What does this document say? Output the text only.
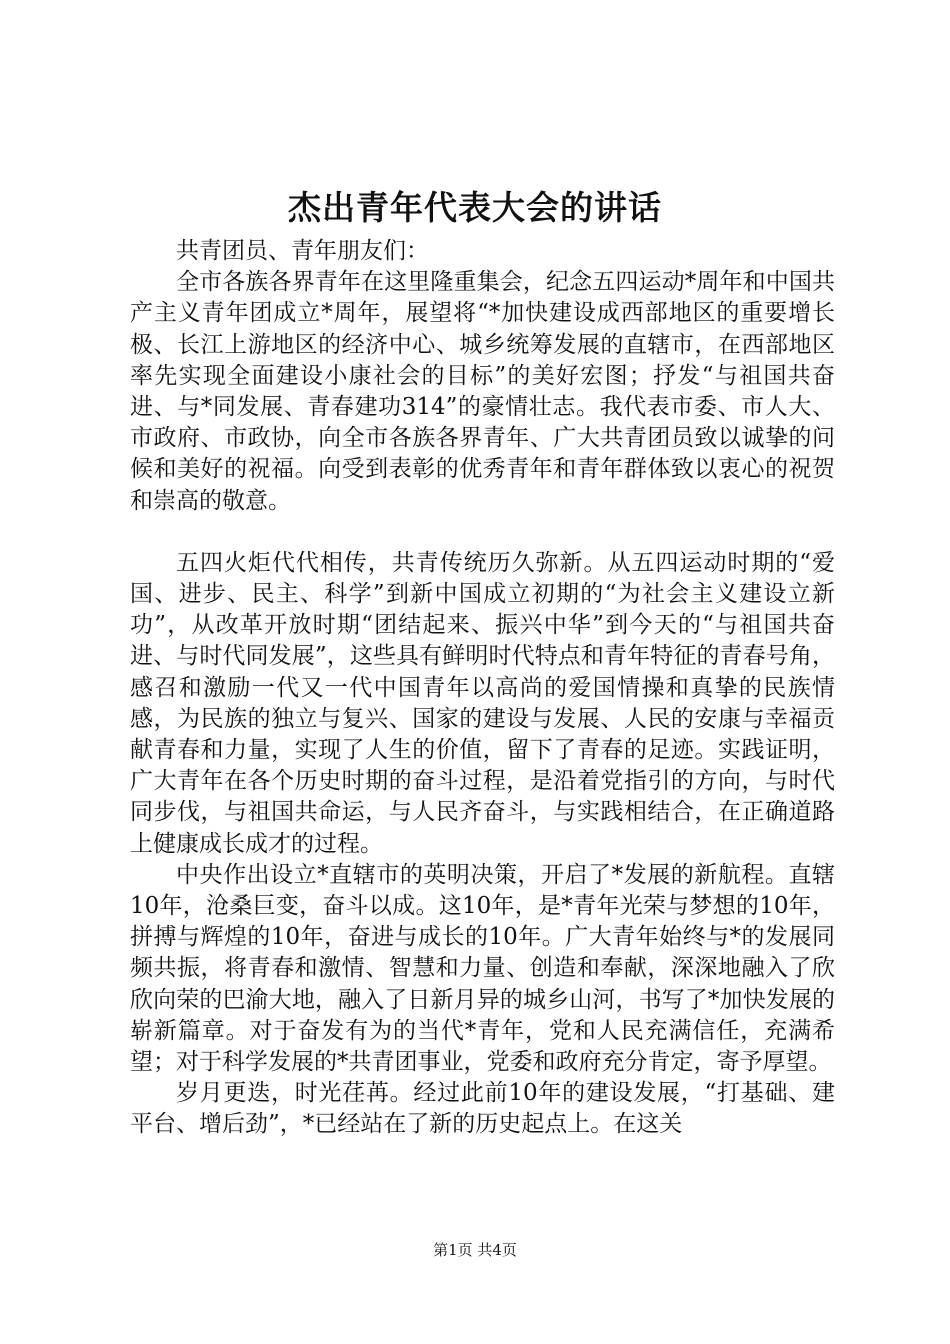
杰出青年代表大会的讲话

共青团员、青年朋友们：

全市各族各界青年在这里隆重集会，纪念五四运动*周年和中国共产主义青年团成立*周年，展望将“*加快建设成西部地区的重要增长极、长江上游地区的经济中心、城乡统筹发展的直辖市，在西部地区率先实现全面建设小康社会的目标”的美好宏图；抒发“与祖国共奋进、与*同发展、青春建功314”的豪情壮志。我代表市委、市人大、市政府、市政协，向全市各族各界青年、广大共青团员致以诚挚的问候和美好的祝福。向受到表彰的优秀青年和青年群体致以衷心的祝贺和崇高的敬意。

五四火炬代代相传，共青传统历久弥新。从五四运动时期的“爱国、进步、民主、科学”到新中国成立初期的“为社会主义建设立新功”，从改革开放时期“团结起来、振兴中华”到今天的“与祖国共奋进、与时代同发展”，这些具有鲜明时代特点和青年特征的青春号角，感召和激励一代又一代中国青年以高尚的爱国情操和真挚的民族情感，为民族的独立与复兴、国家的建设与发展、人民的安康与幸福贡献青春和力量，实现了人生的价值，留下了青春的足迹。实践证明，广大青年在各个历史时期的奋斗过程，是沿着党指引的方向，与时代同步伐，与祖国共命运，与人民齐奋斗，与实践相结合，在正确道路上健康成长成才的过程。

中央作出设立*直辖市的英明决策，开启了*发展的新航程。直辖10年，沧桑巨变，奋斗以成。这10年，是*青年光荣与梦想的10年，拼搏与辉煌的10年，奋进与成长的10年。广大青年始终与*的发展同频共振，将青春和激情、智慧和力量、创造和奉献，深深地融入了欣欣向荣的巴渝大地，融入了日新月异的城乡山河，书写了*加快发展的崭新篇章。对于奋发有为的当代*青年，党和人民充满信任，充满希望；对于科学发展的*共青团事业，党委和政府充分肯定，寄予厚望。

岁月更迭，时光荏苒。经过此前10年的建设发展，“打基础、建平台、增后劲”，*已经站在了新的历史起点上。在这关

第1页 共4页
